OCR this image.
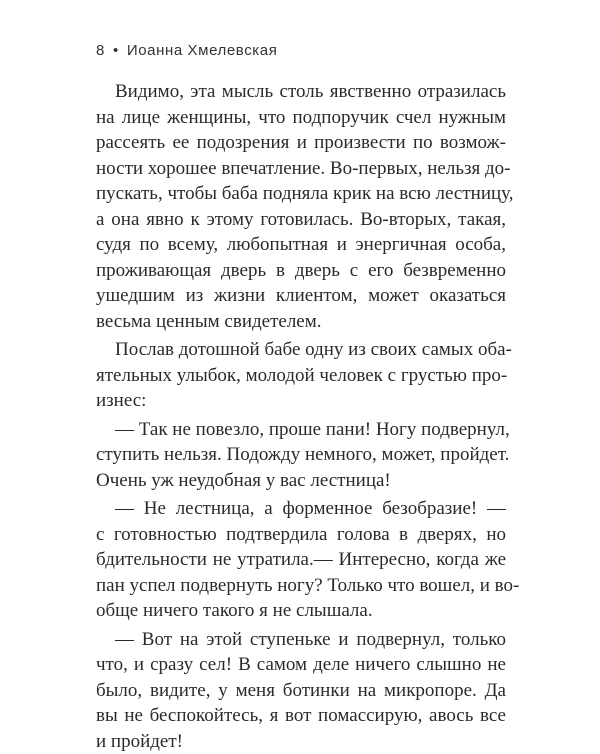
8 • Иоанна Хмелевская

Видимо, эта мысль столь явственно отразилась
на лице женщины, что подпоручик счел нужным
рассеять ее подозрения и произвести по возмож-
ности хорошее впечатление. Во-первых, нельзя до-
пускать, чтобы баба подняла крик на всю лестницу,
а она явно к этому готовилась. Во-вторых, такая,
судя по всему, любопытная и энергичная особа,
проживающая дверь в дверь с его безвременно
ушедшим из жизни клиентом, может оказаться
весьма ценным свидетелем.

Послав дотошной бабе одну из своих самых оба-
ятельных улыбок, молодой человек с грустью про-
изнес:

— Так не повезло, проше пани! Ногу подвернул,
ступить нельзя. Подожду немного, может, пройдет.
Очень уж неудобная у вас лестница!

— Не лестница, а форменное безобразие! —
с готовностью подтвердила голова в дверях, но
бдительности не утратила.— Интересно, когда же
пан успел подвернуть ногу? Только что вошел, и во-
обще ничего такого я не слышала.

— Вот на этой ступеньке и подвернул, только
что, и сразу сел! В самом деле ничего слышно не
было, видите, у меня ботинки на микропоре. Да
вы не беспокойтесь, я вот помассирую, авось все
и пройдет!
